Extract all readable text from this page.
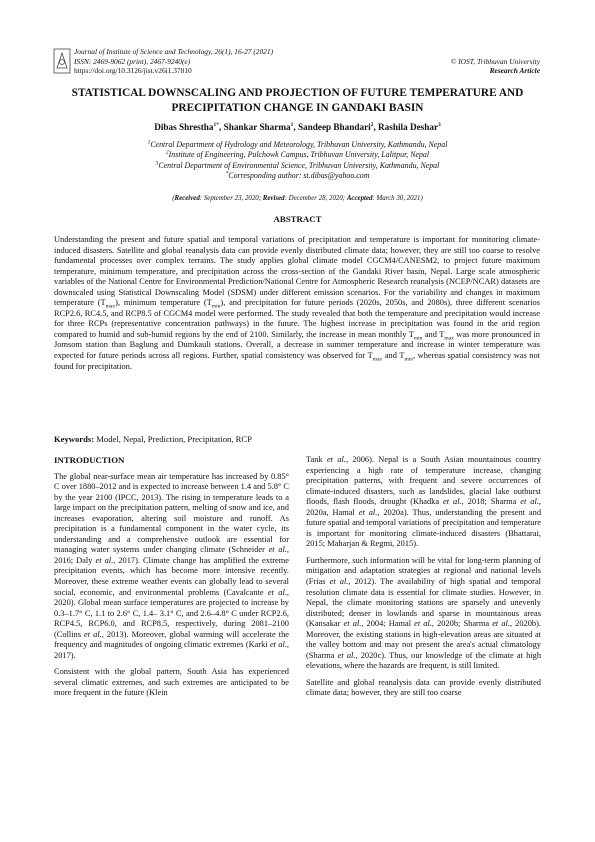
Journal of Institute of Science and Technology, 26(1), 16-27 (2021)
ISSN: 2469-9062 (print), 2467-9240(e)
https://doi.org/10.3126/jist.v26i1.37810
© IOST, Tribhuvan University
Research Article
STATISTICAL DOWNSCALING AND PROJECTION OF FUTURE TEMPERATURE AND PRECIPITATION CHANGE IN GANDAKI BASIN
Dibas Shrestha$^{1*}$, Shankar Sharma$^1$, Sandeep Bhandari$^2$, Rashila Deshar$^3$
$^1$Central Department of Hydrology and Meteorology, Tribhuvan University, Kathmandu, Nepal
$^2$Institute of Engineering, Pulchowk Campus, Tribhuvan University, Lalitpur, Nepal
$^3$Central Department of Environmental Science, Tribhuvan University, Kathmandu, Nepal
*Corresponding author: st.dibas@yahoo.com
(Received: September 23, 2020; Revised: December 28, 2020; Accepted: March 30, 2021)
ABSTRACT
Understanding the present and future spatial and temporal variations of precipitation and temperature is important for monitoring climate-induced disasters. Satellite and global reanalysis data can provide evenly distributed climate data; however, they are still too coarse to resolve fundamental processes over complex terrains. The study applies global climate model CGCM4/CANESM2, to project future maximum temperature, minimum temperature, and precipitation across the cross-section of the Gandaki River basin, Nepal. Large scale atmospheric variables of the National Centre for Environmental Prediction/National Centre for Atmospheric Research reanalysis (NCEP/NCAR) datasets are downscaled using Statistical Downscaling Model (SDSM) under different emission scenarios. For the variability and changes in maximum temperature $(T_{max})$, minimum temperature $(T_{min})$, and precipitation for future periods (2020s, 2050s, and 2080s), three different scenarios RCP2.6, RC4.5, and RCP8.5 of CGCM4 model were performed. The study revealed that both the temperature and precipitation would increase for three RCPs (representative concentration pathways) in the future. The highest increase in precipitation was found in the arid region compared to humid and sub-humid regions by the end of 2100. Similarly, the increase in mean monthly $T_{min}$ and $T_{max}$ was more pronounced in Jomsom station than Baglung and Dumkauli stations. Overall, a decrease in summer temperature and increase in winter temperature was expected for future periods across all regions. Further, spatial consistency was observed for $T_{max}$ and $T_{min}$, whereas spatial consistency was not found for precipitation.
Keywords: Model, Nepal, Prediction, Precipitation, RCP
INTRODUCTION

The global near-surface mean air temperature has increased by 0.85° C over 1880–2012 and is expected to increase between 1.4 and 5.8° C by the year 2100 (IPCC, 2013). The rising in temperature leads to a large impact on the precipitation pattern, melting of snow and ice, and increases evaporation, altering soil moisture and runoff. As precipitation is a fundamental component in the water cycle, its understanding and a comprehensive outlook are essential for managing water systems under changing climate (Schneider et al., 2016; Daly et al., 2017). Climate change has amplified the extreme precipitation events, which has become more intensive recently. Moreover, these extreme weather events can globally lead to several social, economic, and environmental problems (Cavalcante et al., 2020). Global mean surface temperatures are projected to increase by 0.3–1.7° C, 1.1 to 2.6° C, 1.4– 3.1° C, and 2.6–4.8° C under RCP2.6, RCP4.5, RCP6.0, and RCP8.5, respectively, during 2081–2100 (Collins et al., 2013). Moreover, global warming will accelerate the frequency and magnitudes of ongoing climatic extremes (Karki et al., 2017).

Consistent with the global pattern, South Asia has experienced several climatic extremes, and such extremes are anticipated to be more frequent in the future (Klein

Tank et al., 2006). Nepal is a South Asian mountainous country experiencing a high rate of temperature increase, changing precipitation patterns, with frequent and severe occurrences of climate-induced disasters, such as landslides, glacial lake outburst floods, flash floods, drought (Khadka et al., 2018; Sharma et al., 2020a, Hamal et al., 2020a). Thus, understanding the present and future spatial and temporal variations of precipitation and temperature is important for monitoring climate-induced disasters (Bhattarai, 2015; Maharjan & Regmi, 2015).

Furthermore, such information will be vital for long-term planning of mitigation and adaptation strategies at regional and national levels (Frias et al., 2012). The availability of high spatial and temporal resolution climate data is essential for climate studies. However, in Nepal, the climate monitoring stations are sparsely and unevenly distributed; denser in lowlands and sparse in mountainous areas (Kansakar et al., 2004; Hamal et al., 2020b; Sharma et al., 2020b). Moreover, the existing stations in high-elevation areas are situated at the valley bottom and may not present the area's actual climatology (Sharma et al., 2020c). Thus, our knowledge of the climate at high elevations, where the hazards are frequent, is still limited.

Satellite and global reanalysis data can provide evenly distributed climate data; however, they are still too coarse
